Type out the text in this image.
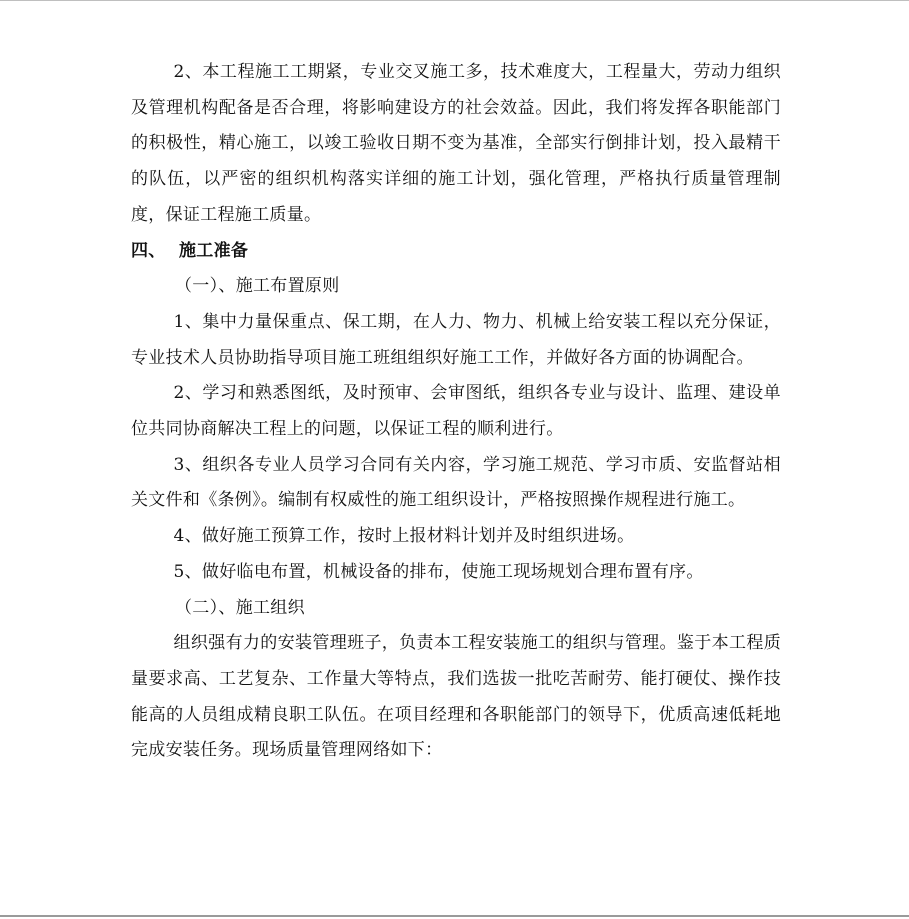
2、本工程施工工期紧，专业交叉施工多，技术难度大，工程量大，劳动力组织及管理机构配备是否合理，将影响建设方的社会效益。因此，我们将发挥各职能部门的积极性，精心施工，以竣工验收日期不变为基准，全部实行倒排计划，投入最精干的队伍，以严密的组织机构落实详细的施工计划，强化管理，严格执行质量管理制度，保证工程施工质量。

四、 施工准备

（一）、施工布置原则

1、集中力量保重点、保工期，在人力、物力、机械上给安装工程以充分保证，专业技术人员协助指导项目施工班组组织好施工工作，并做好各方面的协调配合。

2、学习和熟悉图纸，及时预审、会审图纸，组织各专业与设计、监理、建设单位共同协商解决工程上的问题，以保证工程的顺利进行。

3、组织各专业人员学习合同有关内容，学习施工规范、学习市质、安监督站相关文件和《条例》。编制有权威性的施工组织设计，严格按照操作规程进行施工。

4、做好施工预算工作，按时上报材料计划并及时组织进场。

5、做好临电布置，机械设备的排布，使施工现场规划合理布置有序。

（二）、施工组织

组织强有力的安装管理班子，负责本工程安装施工的组织与管理。鉴于本工程质量要求高、工艺复杂、工作量大等特点，我们选拔一批吃苦耐劳、能打硬仗、操作技能高的人员组成精良职工队伍。在项目经理和各职能部门的领导下，优质高速低耗地完成安装任务。现场质量管理网络如下：
